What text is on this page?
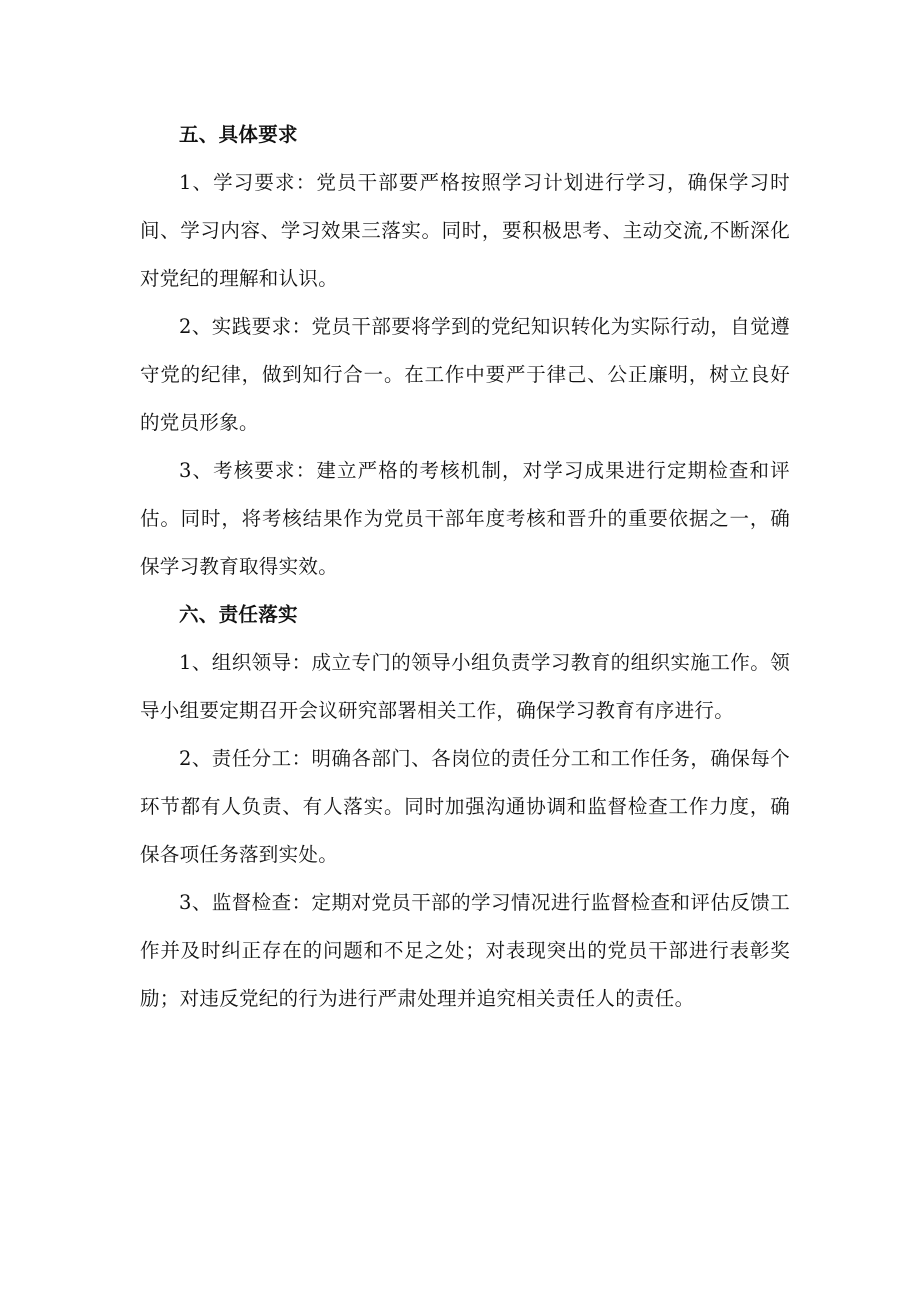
五、具体要求

1、学习要求：党员干部要严格按照学习计划进行学习，确保学习时间、学习内容、学习效果三落实。同时，要积极思考、主动交流,不断深化对党纪的理解和认识。

2、实践要求：党员干部要将学到的党纪知识转化为实际行动，自觉遵守党的纪律，做到知行合一。在工作中要严于律己、公正廉明，树立良好的党员形象。

3、考核要求：建立严格的考核机制，对学习成果进行定期检查和评估。同时，将考核结果作为党员干部年度考核和晋升的重要依据之一，确保学习教育取得实效。

六、责任落实

1、组织领导：成立专门的领导小组负责学习教育的组织实施工作。领导小组要定期召开会议研究部署相关工作，确保学习教育有序进行。

2、责任分工：明确各部门、各岗位的责任分工和工作任务，确保每个环节都有人负责、有人落实。同时加强沟通协调和监督检查工作力度，确保各项任务落到实处。

3、监督检查：定期对党员干部的学习情况进行监督检查和评估反馈工作并及时纠正存在的问题和不足之处；对表现突出的党员干部进行表彰奖励；对违反党纪的行为进行严肃处理并追究相关责任人的责任。
